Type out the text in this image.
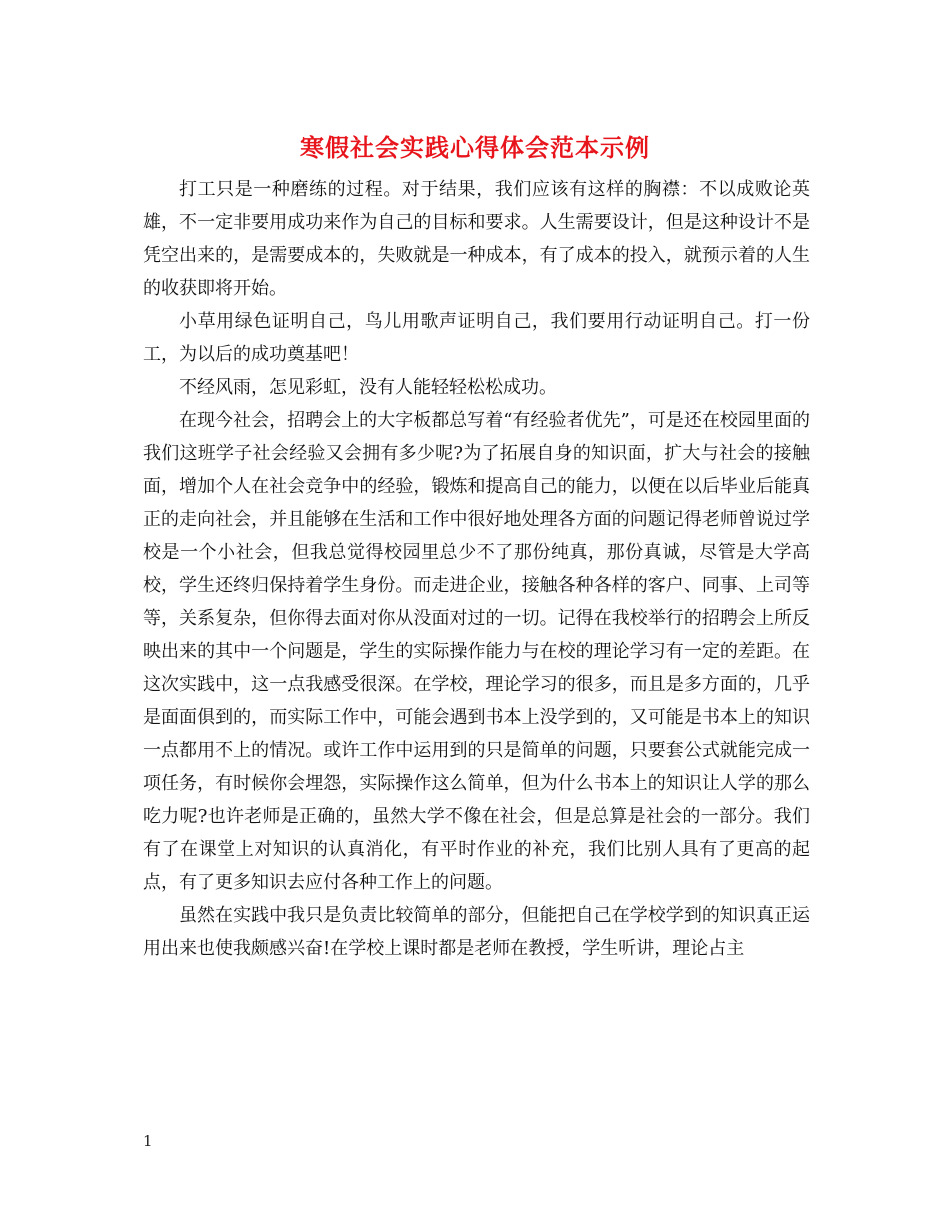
寒假社会实践心得体会范本示例

打工只是一种磨练的过程。对于结果，我们应该有这样的胸襟：不以成败论英雄，不一定非要用成功来作为自己的目标和要求。人生需要设计，但是这种设计不是凭空出来的，是需要成本的，失败就是一种成本，有了成本的投入，就预示着的人生的收获即将开始。

小草用绿色证明自己，鸟儿用歌声证明自己，我们要用行动证明自己。打一份工，为以后的成功奠基吧！

不经风雨，怎见彩虹，没有人能轻轻松松成功。

在现今社会，招聘会上的大字板都总写着“有经验者优先”，可是还在校园里面的我们这班学子社会经验又会拥有多少呢?为了拓展自身的知识面，扩大与社会的接触面，增加个人在社会竞争中的经验，锻炼和提高自己的能力，以便在以后毕业后能真正的走向社会，并且能够在生活和工作中很好地处理各方面的问题记得老师曾说过学校是一个小社会，但我总觉得校园里总少不了那份纯真，那份真诚，尽管是大学高校，学生还终归保持着学生身份。而走进企业，接触各种各样的客户、同事、上司等等，关系复杂，但你得去面对你从没面对过的一切。记得在我校举行的招聘会上所反映出来的其中一个问题是，学生的实际操作能力与在校的理论学习有一定的差距。在这次实践中，这一点我感受很深。在学校，理论学习的很多，而且是多方面的，几乎是面面俱到的，而实际工作中，可能会遇到书本上没学到的，又可能是书本上的知识一点都用不上的情况。或许工作中运用到的只是简单的问题，只要套公式就能完成一项任务，有时候你会埋怨，实际操作这么简单，但为什么书本上的知识让人学的那么吃力呢?也许老师是正确的，虽然大学不像在社会，但是总算是社会的一部分。我们有了在课堂上对知识的认真消化，有平时作业的补充，我们比别人具有了更高的起点，有了更多知识去应付各种工作上的问题。

虽然在实践中我只是负责比较简单的部分，但能把自己在学校学到的知识真正运用出来也使我颇感兴奋!在学校上课时都是老师在教授，学生听讲，理论占主

1
